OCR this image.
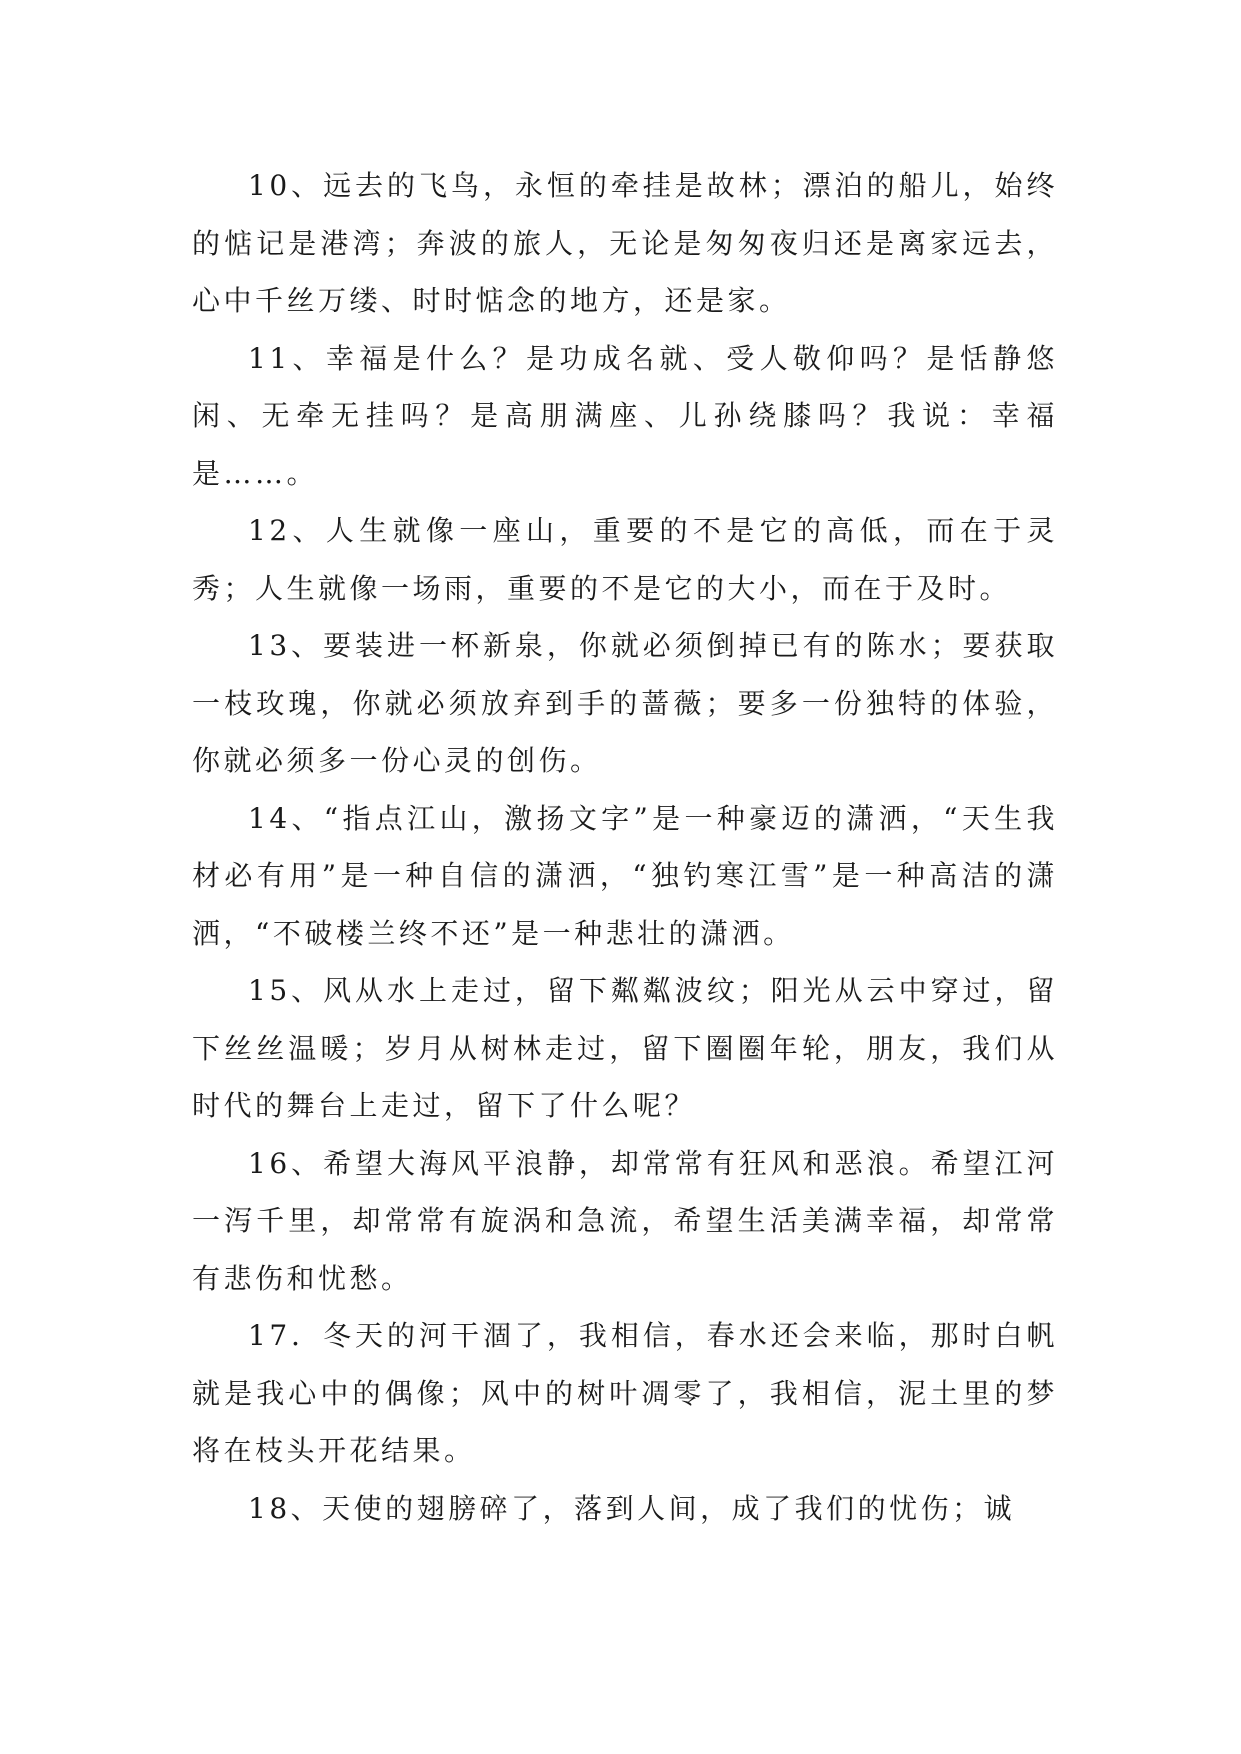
10、远去的飞鸟，永恒的牵挂是故林；漂泊的船儿，始终的惦记是港湾；奔波的旅人，无论是匆匆夜归还是离家远去，心中千丝万缕、时时惦念的地方，还是家。

11、幸福是什么？是功成名就、受人敬仰吗？是恬静悠闲、无牵无挂吗？是高朋满座、儿孙绕膝吗？我说：幸福是……。

12、人生就像一座山，重要的不是它的高低，而在于灵秀；人生就像一场雨，重要的不是它的大小，而在于及时。

13、要装进一杯新泉，你就必须倒掉已有的陈水；要获取一枝玫瑰，你就必须放弃到手的蔷薇；要多一份独特的体验，你就必须多一份心灵的创伤。

14、“指点江山，激扬文字”是一种豪迈的潇洒，“天生我材必有用”是一种自信的潇洒，“独钓寒江雪”是一种高洁的潇洒，“不破楼兰终不还”是一种悲壮的潇洒。

15、风从水上走过，留下粼粼波纹；阳光从云中穿过，留下丝丝温暖；岁月从树林走过，留下圈圈年轮，朋友，我们从时代的舞台上走过，留下了什么呢？

16、希望大海风平浪静，却常常有狂风和恶浪。希望江河一泻千里，却常常有旋涡和急流，希望生活美满幸福，却常常有悲伤和忧愁。

17．冬天的河干涸了，我相信，春水还会来临，那时白帆就是我心中的偶像；风中的树叶凋零了，我相信，泥土里的梦将在枝头开花结果。

18、天使的翅膀碎了，落到人间，成了我们的忧伤；诚
